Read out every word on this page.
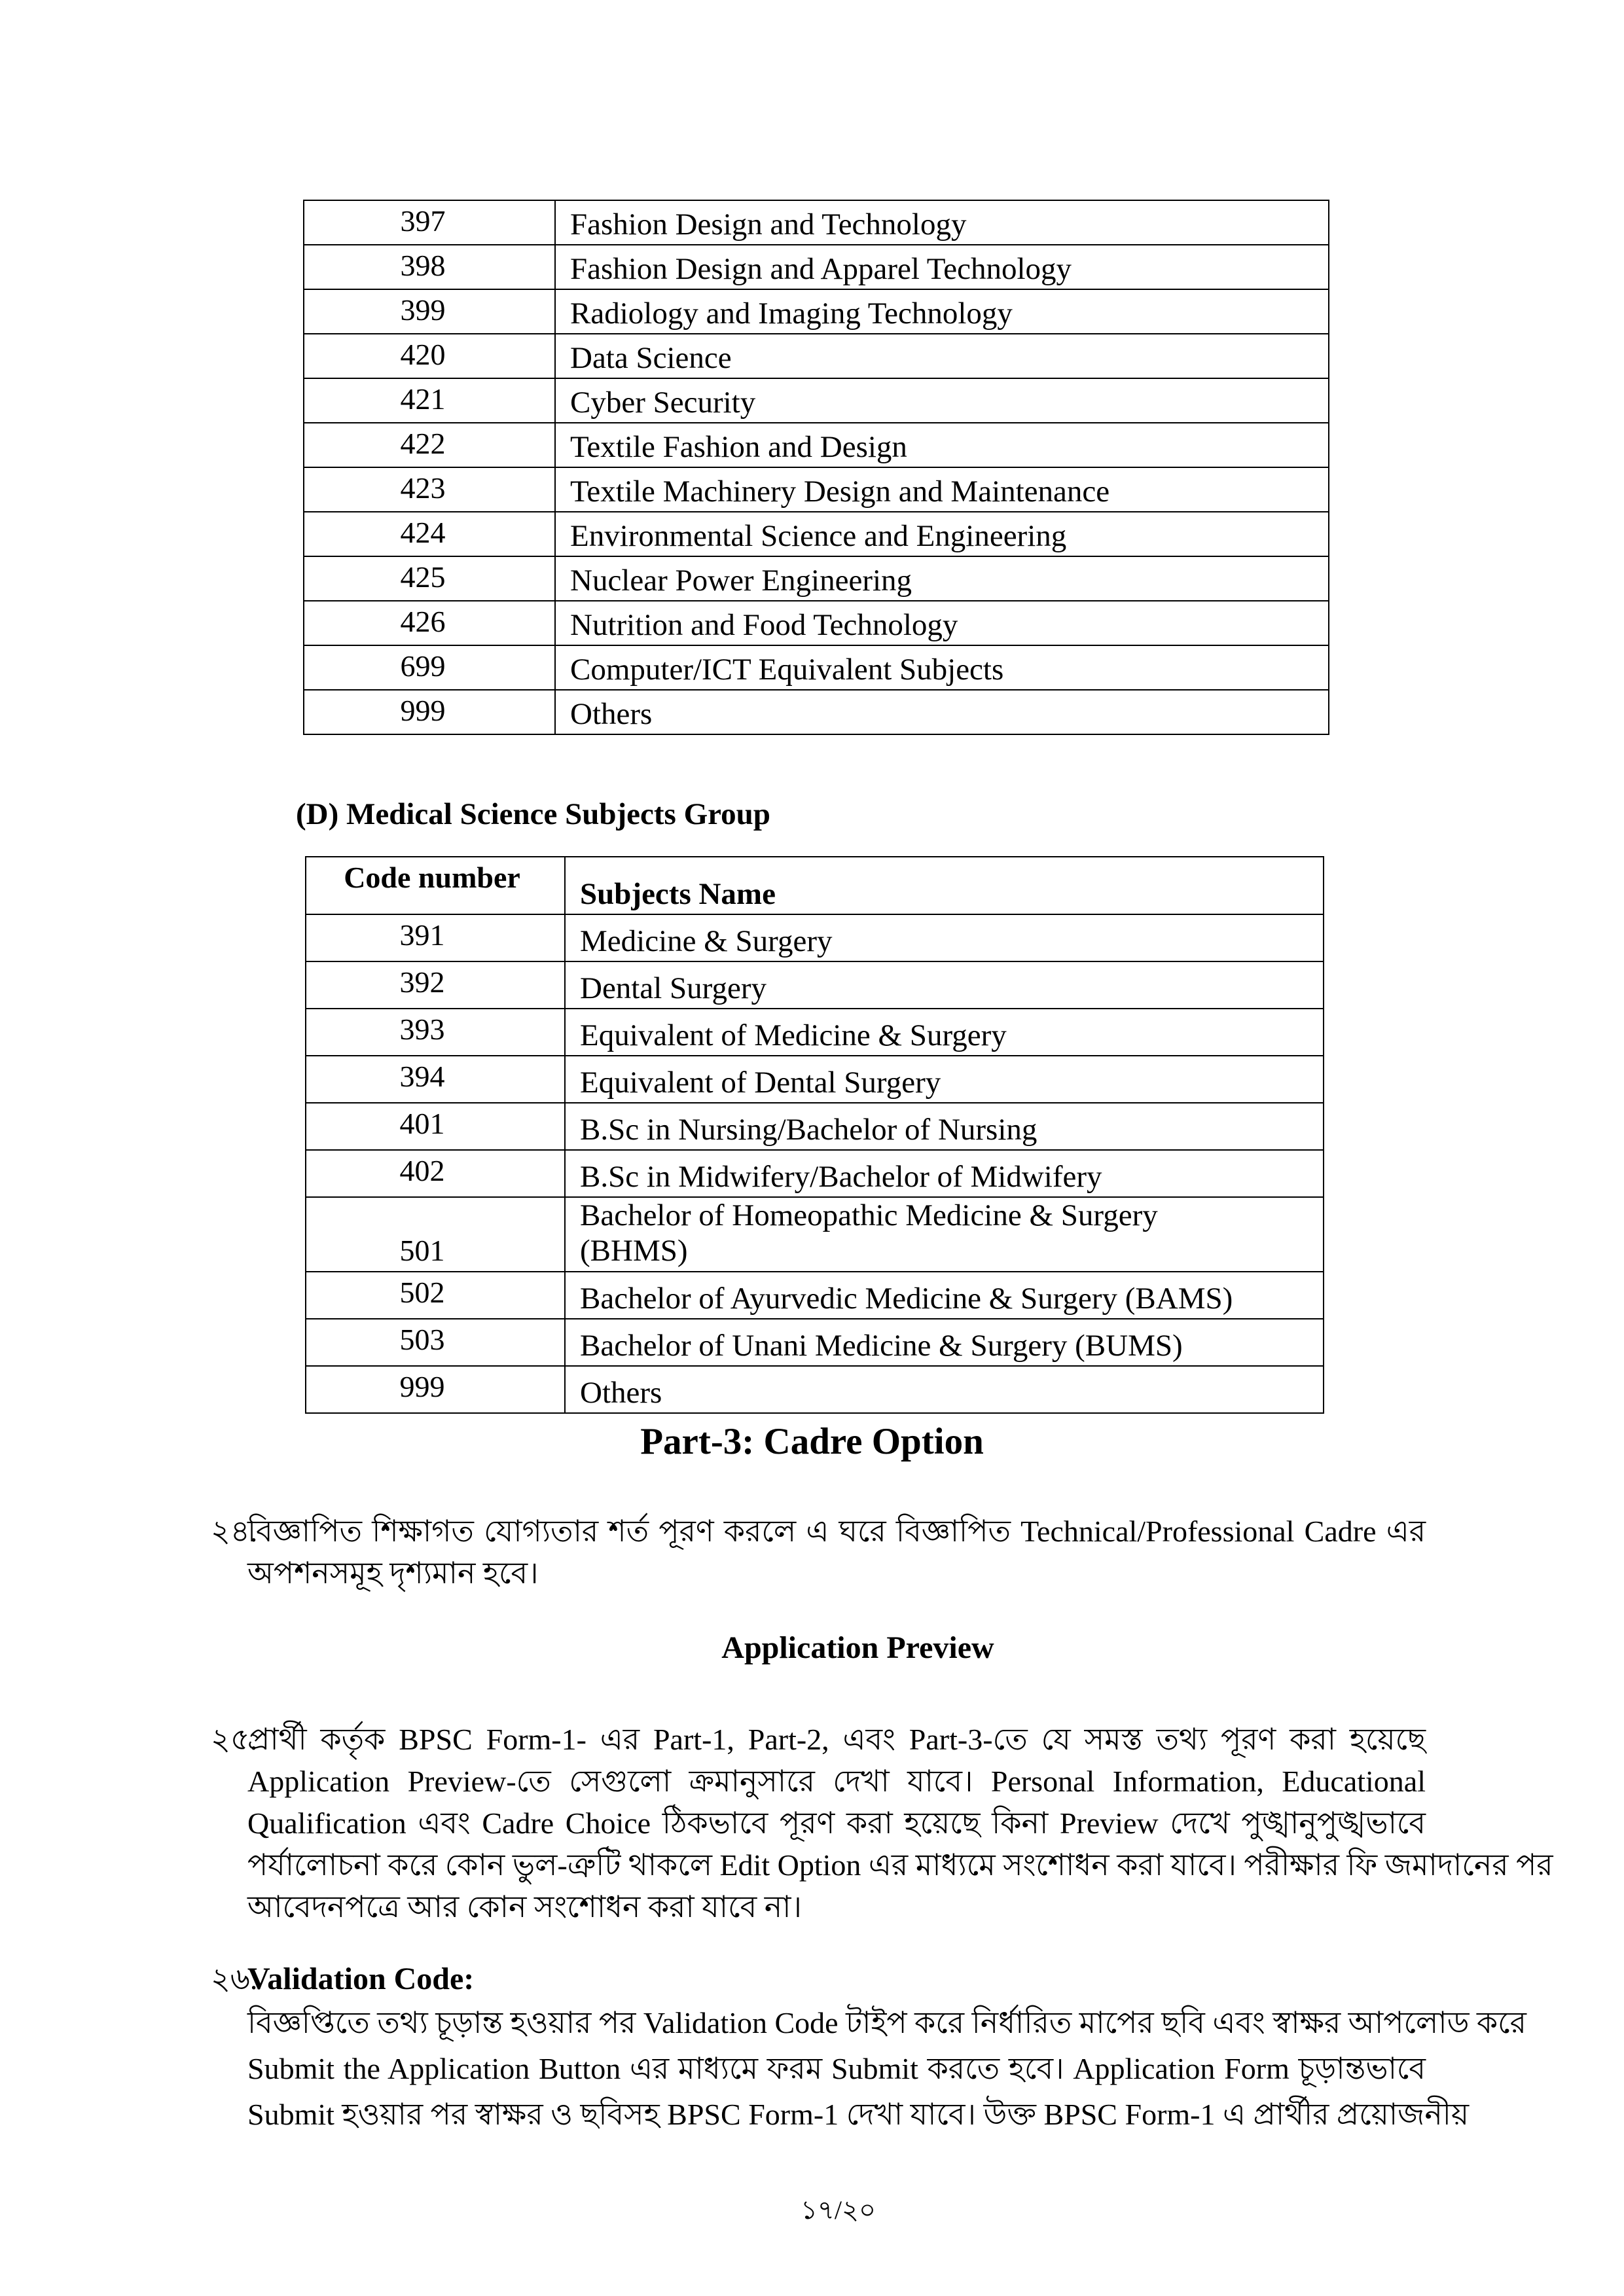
397	Fashion Design and Technology
398	Fashion Design and Apparel Technology
399	Radiology and Imaging Technology
420	Data Science
421	Cyber Security
422	Textile Fashion and Design
423	Textile Machinery Design and Maintenance
424	Environmental Science and Engineering
425	Nuclear Power Engineering
426	Nutrition and Food Technology
699	Computer/ICT Equivalent Subjects
999	Others
(D) Medical Science Subjects Group
Code number	Subjects Name
391	Medicine & Surgery
392	Dental Surgery
393	Equivalent of Medicine & Surgery
394	Equivalent of Dental Surgery
401	B.Sc in Nursing/Bachelor of Nursing
402	B.Sc in Midwifery/Bachelor of Midwifery
501	Bachelor of Homeopathic Medicine & Surgery
(BHMS)

502	Bachelor of Ayurvedic Medicine & Surgery (BAMS)
503	Bachelor of Unani Medicine & Surgery (BUMS)
999	Others
Part-3: Cadre Option
২৪.
বিজ্ঞাপিত শিক্ষাগত যোগ্যতার শর্ত পূরণ করলে এ ঘরে বিজ্ঞাপিত Technical/Professional Cadre এর
অপশনসমূহ দৃশ্যমান হবে।
Application Preview
২৫.
প্রার্থী কর্তৃক BPSC Form-1- এর Part-1, Part-2, এবং Part-3-তে যে সমস্ত তথ্য পূরণ করা হয়েছে
Application Preview-তে সেগুলো ক্রমানুসারে দেখা যাবে। Personal Information, Educational
Qualification এবং Cadre Choice ঠিকভাবে পূরণ করা হয়েছে কিনা Preview দেখে পুঙ্খানুপুঙ্খভাবে
পর্যালোচনা করে কোন ভুল-ত্রুটি থাকলে Edit Option এর মাধ্যমে সংশোধন করা যাবে। পরীক্ষার ফি জমাদানের পর
আবেদনপত্রে আর কোন সংশোধন করা যাবে না।
২৬.
Validation Code:
বিজ্ঞপ্তিতে তথ্য চূড়ান্ত হওয়ার পর Validation Code টাইপ করে নির্ধারিত মাপের ছবি এবং স্বাক্ষর আপলোড করে
Submit the Application Button এর মাধ্যমে ফরম Submit করতে হবে। Application Form চূড়ান্তভাবে
Submit হওয়ার পর স্বাক্ষর ও ছবিসহ BPSC Form-1 দেখা যাবে। উক্ত BPSC Form-1 এ প্রার্থীর প্রয়োজনীয়
১৭/২০
